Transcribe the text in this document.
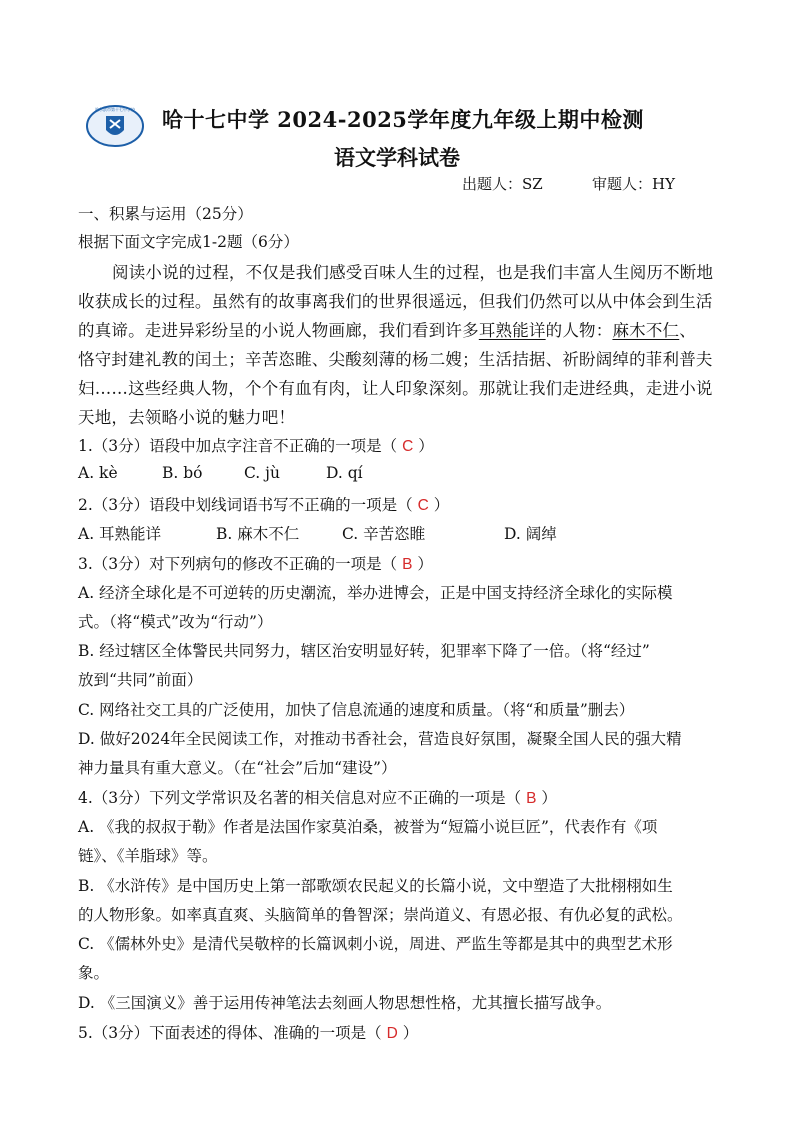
哈尔滨市第十七中学校 哈十七中学 2024-2025学年度九年级上期中检测
语文学科试卷
出题人：SZ	审题人：HY
一、积累与运用（25分）
根据下面文字完成1-2题（6分）
阅读小说的过程，不仅是我们感受百味人生的过程，也是我们丰富人生阅历不断地
收获成长的过程。虽然有的故事离我们的世界很遥远，但我们仍然可以从中体会到生活
的真谛。走进异彩纷呈的小说人物画廊，我们看到许多耳熟能详的人物：麻木不仁、
恪守封建礼教的闰土；辛苦恣睢、尖酸刻薄的杨二嫂；生活拮据、祈盼阔绰的菲利普夫
妇……这些经典人物，个个有血有肉，让人印象深刻。那就让我们走进经典，走进小说
天地，去领略小说的魅力吧！
1.（3分）语段中加点字注音不正确的一项是（ C ）
A. kè	B. bó	C. jù	D. qí
2.（3分）语段中划线词语书写不正确的一项是（ C ）
A. 耳熟能详	B. 麻木不仁	C. 辛苦恣睢	D. 阔绰
3.（3分）对下列病句的修改不正确的一项是（ B ）
A. 经济全球化是不可逆转的历史潮流，举办进博会，正是中国支持经济全球化的实际模
式。（将“模式”改为“行动”）
B. 经过辖区全体警民共同努力，辖区治安明显好转，犯罪率下降了一倍。（将“经过”
放到“共同”前面）
C. 网络社交工具的广泛使用，加快了信息流通的速度和质量。（将“和质量”删去）
D. 做好2024年全民阅读工作，对推动书香社会，营造良好氛围，凝聚全国人民的强大精
神力量具有重大意义。（在“社会”后加“建设”）
4.（3分）下列文学常识及名著的相关信息对应不正确的一项是（ B ）
A. 《我的叔叔于勒》作者是法国作家莫泊桑，被誉为“短篇小说巨匠”，代表作有《项
链》、《羊脂球》等。
B. 《水浒传》是中国历史上第一部歌颂农民起义的长篇小说，文中塑造了大批栩栩如生
的人物形象。如率真直爽、头脑简单的鲁智深；崇尚道义、有恩必报、有仇必复的武松。
C. 《儒林外史》是清代吴敬梓的长篇讽刺小说，周进、严监生等都是其中的典型艺术形
象。
D. 《三国演义》善于运用传神笔法去刻画人物思想性格，尤其擅长描写战争。
5.（3分）下面表述的得体、准确的一项是（ D ）
